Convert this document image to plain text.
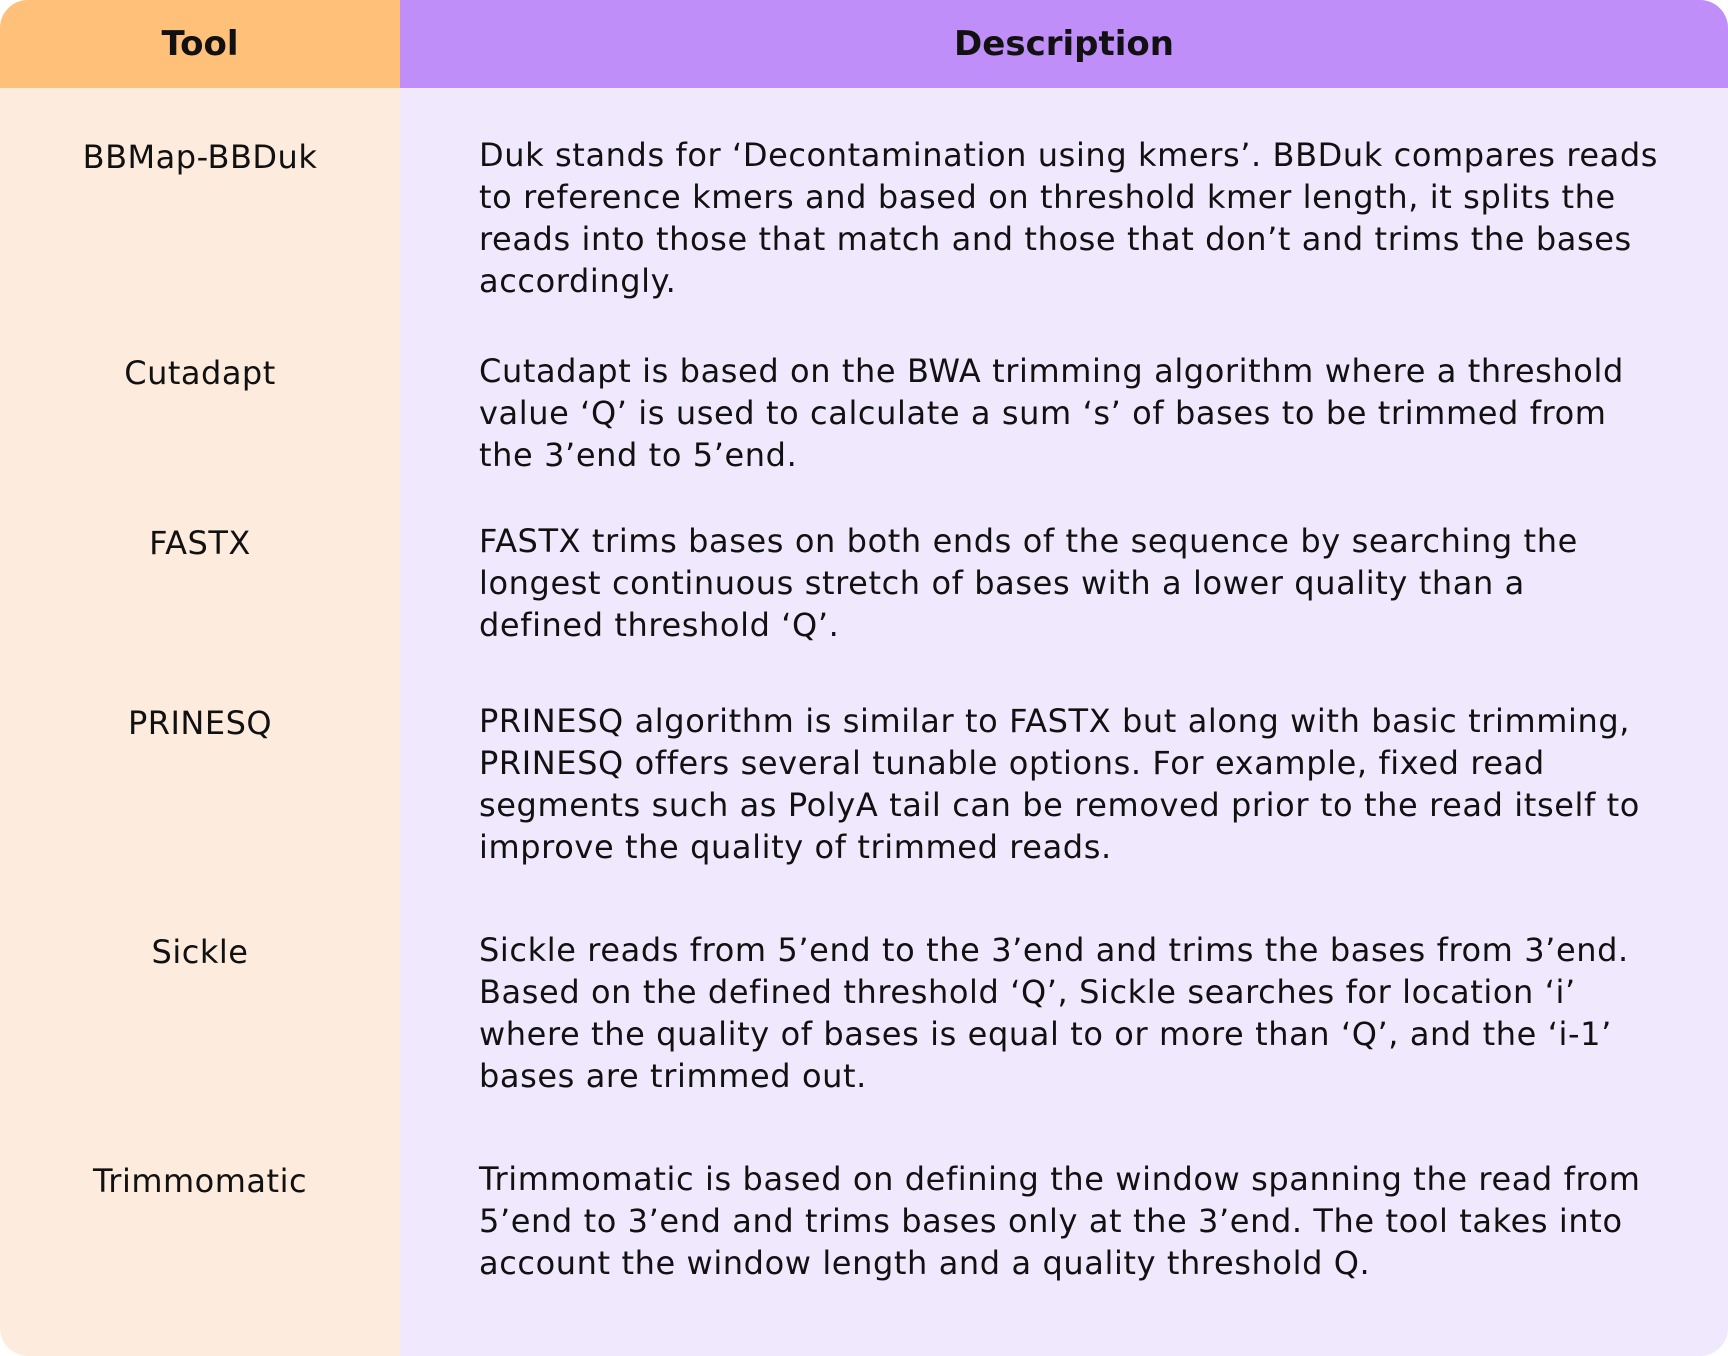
Tool	Description
BBMap-BBDuk	Duk stands for ‘Decontamination using kmers’. BBDuk compares reads to reference kmers and based on threshold kmer length, it splits the reads into those that match and those that don’t and trims the bases accordingly.
Cutadapt	Cutadapt is based on the BWA trimming algorithm where a threshold value ‘Q’ is used to calculate a sum ‘s’ of bases to be trimmed from the 3’end to 5’end.
FASTX	FASTX trims bases on both ends of the sequence by searching the longest continuous stretch of bases with a lower quality than a defined threshold ‘Q’.
PRINESQ	PRINESQ algorithm is similar to FASTX but along with basic trimming, PRINESQ offers several tunable options. For example, fixed read segments such as PolyA tail can be removed prior to the read itself to improve the quality of trimmed reads.
Sickle	Sickle reads from 5’end to the 3’end and trims the bases from 3’end. Based on the defined threshold ‘Q’, Sickle searches for location ‘i’ where the quality of bases is equal to or more than ‘Q’, and the ‘i-1’ bases are trimmed out.
Trimmomatic	Trimmomatic is based on defining the window spanning the read from 5’end to 3’end and trims bases only at the 3’end. The tool takes into account the window length and a quality threshold Q.
